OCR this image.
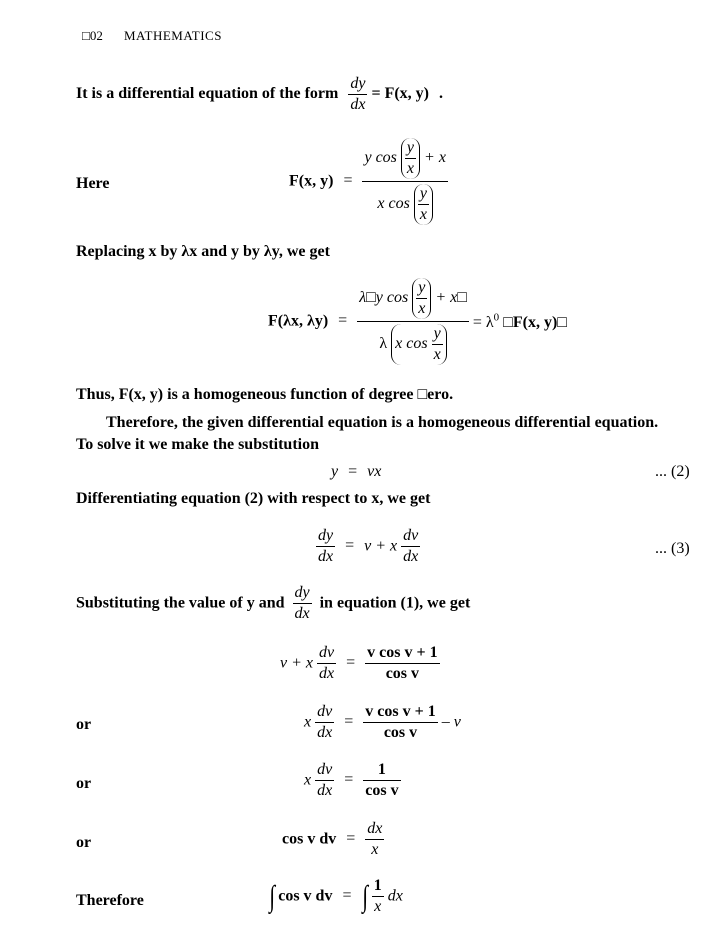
□02 MATHEMATICS
It is a differential equation of the form $\frac{dy}{dx} = F(x$, y) .
Here	F(x, $y) = \frac{y \cos \frac{y}{x} + x}{x \cos \frac{y}{x}}$
Replacing x by λx and y by λy, we get
F(λx, $\lambda y) = \frac{\lambda□y \cos \frac{y}{x} + x□}{\lambda x \cos \frac{y}{x}} = \lambda^0$ □F(x, y)□
Thus, F(x, y) is a homogeneous function of degree □ero.
Therefore, the given differential equation is a homogeneous differential equation.
To solve it we make the substitution
y = vx	... (2)
Differentiating equation (2) with respect to x, we get
$\frac{dy}{dx} = v + x \frac{dv}{dx}$	... (3)
Substituting the value of y and $\frac{dy}{dx}$ in equation (1), we get
v + x $\frac{dv}{dx} = \frac{\text{v cos v + 1}}{\text{cos v}}$
or	x $\frac{dv}{dx} = \frac{\text{v cos v + 1}}{\text{cos v}} - v$
or	x $\frac{dv}{dx} = \frac{1}{\text{cos v}}$
or	cos v dv = $\frac{dx}{x}$
Therefore	∫ cos v dv = ∫ $\frac{1}{x}$ dx
